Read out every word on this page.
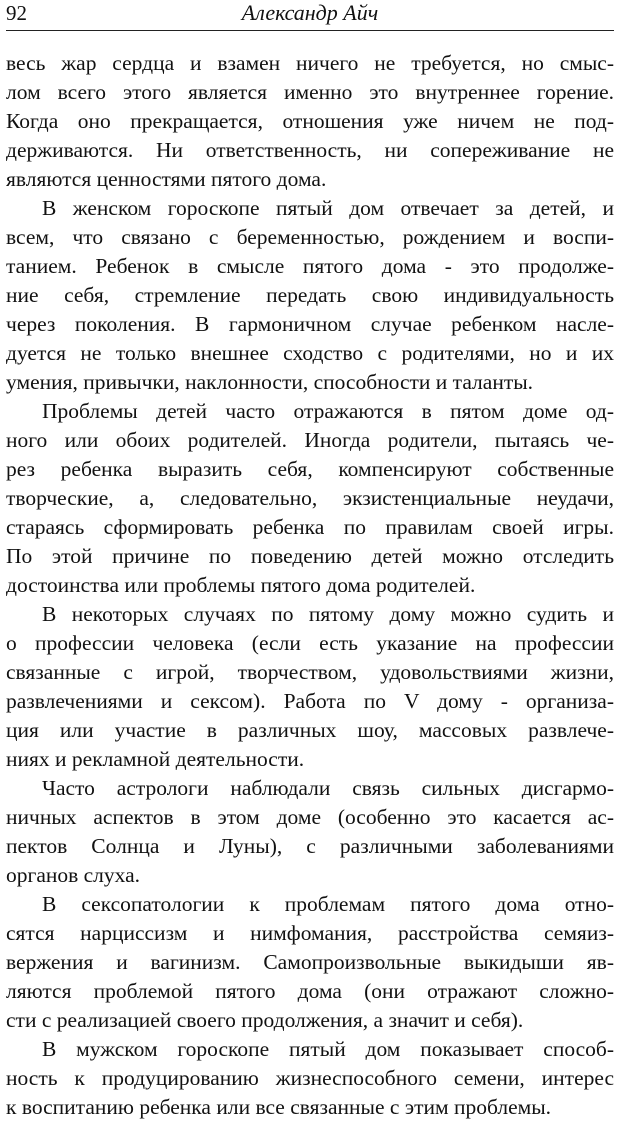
92	Александр Айч
весь жар сердца и взамен ничего не требуется, но смыс-
лом всего этого является именно это внутреннее горение.
Когда оно прекращается, отношения уже ничем не под-
держиваются. Ни ответственность, ни сопереживание не
являются ценностями пятого дома.
В женском гороскопе пятый дом отвечает за детей, и
всем, что связано с беременностью, рождением и воспи-
танием. Ребенок в смысле пятого дома - это продолже-
ние себя, стремление передать свою индивидуальность
через поколения. В гармоничном случае ребенком насле-
дуется не только внешнее сходство с родителями, но и их
умения, привычки, наклонности, способности и таланты.
Проблемы детей часто отражаются в пятом доме од-
ного или обоих родителей. Иногда родители, пытаясь че-
рез ребенка выразить себя, компенсируют собственные
творческие, а, следовательно, экзистенциальные неудачи,
стараясь сформировать ребенка по правилам своей игры.
По этой причине по поведению детей можно отследить
достоинства или проблемы пятого дома родителей.
В некоторых случаях по пятому дому можно судить и
о профессии человека (если есть указание на профессии
связанные с игрой, творчеством, удовольствиями жизни,
развлечениями и сексом). Работа по V дому - организа-
ция или участие в различных шоу, массовых развлече-
ниях и рекламной деятельности.
Часто астрологи наблюдали связь сильных дисгармо-
ничных аспектов в этом доме (особенно это касается ас-
пектов Солнца и Луны), с различными заболеваниями
органов слуха.
В сексопатологии к проблемам пятого дома отно-
сятся нарциссизм и нимфомания, расстройства семяиз-
вержения и вагинизм. Самопроизвольные выкидыши яв-
ляются проблемой пятого дома (они отражают сложно-
сти с реализацией своего продолжения, а значит и себя).
В мужском гороскопе пятый дом показывает способ-
ность к продуцированию жизнеспособного семени, интерес
к воспитанию ребенка или все связанные с этим проблемы.
